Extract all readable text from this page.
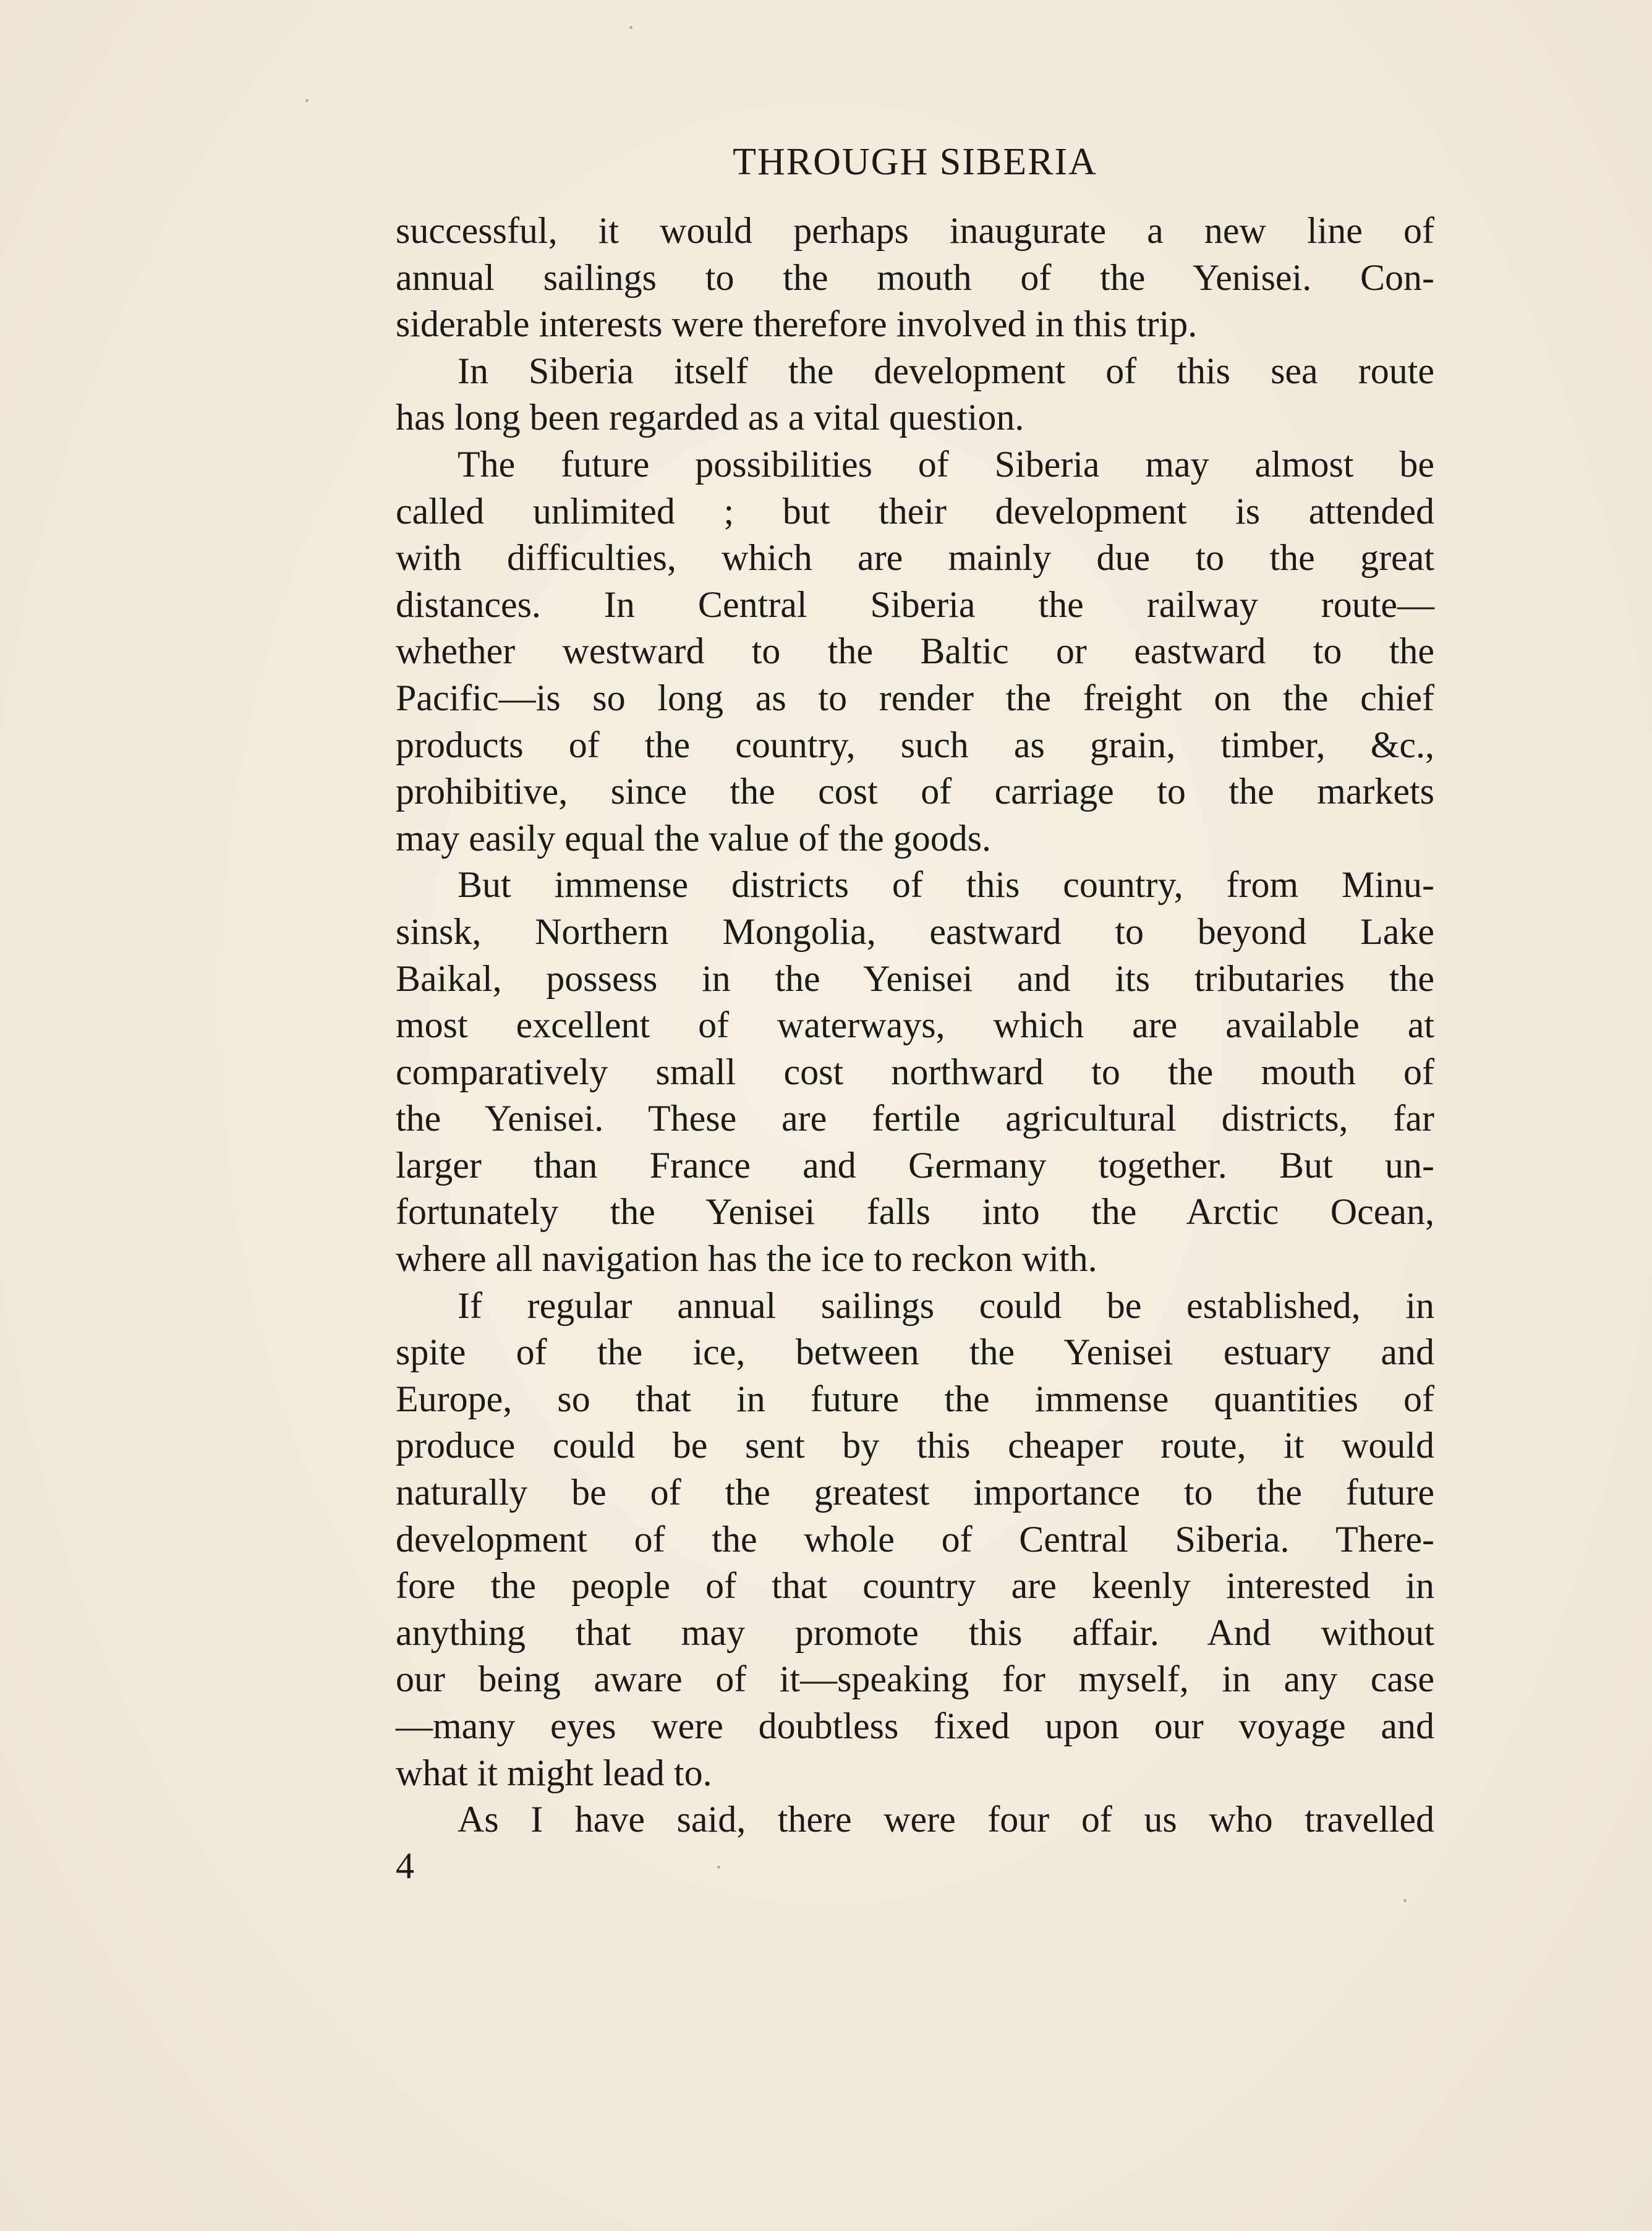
THROUGH SIBERIA

successful, it would perhaps inaugurate a new line of
annual sailings to the mouth of the Yenisei. Con-
siderable interests were therefore involved in this trip.

In Siberia itself the development of this sea route
has long been regarded as a vital question.

The future possibilities of Siberia may almost be
called unlimited ; but their development is attended
with difficulties, which are mainly due to the great
distances. In Central Siberia the railway route—
whether westward to the Baltic or eastward to the
Pacific—is so long as to render the freight on the chief
products of the country, such as grain, timber, &c.,
prohibitive, since the cost of carriage to the markets
may easily equal the value of the goods.

But immense districts of this country, from Minu-
sinsk, Northern Mongolia, eastward to beyond Lake
Baikal, possess in the Yenisei and its tributaries the
most excellent of waterways, which are available at
comparatively small cost northward to the mouth of
the Yenisei. These are fertile agricultural districts, far
larger than France and Germany together. But un-
fortunately the Yenisei falls into the Arctic Ocean,
where all navigation has the ice to reckon with.

If regular annual sailings could be established, in
spite of the ice, between the Yenisei estuary and
Europe, so that in future the immense quantities of
produce could be sent by this cheaper route, it would
naturally be of the greatest importance to the future
development of the whole of Central Siberia. There-
fore the people of that country are keenly interested in
anything that may promote this affair. And without
our being aware of it—speaking for myself, in any case
—many eyes were doubtless fixed upon our voyage and
what it might lead to.

As I have said, there were four of us who travelled

4
